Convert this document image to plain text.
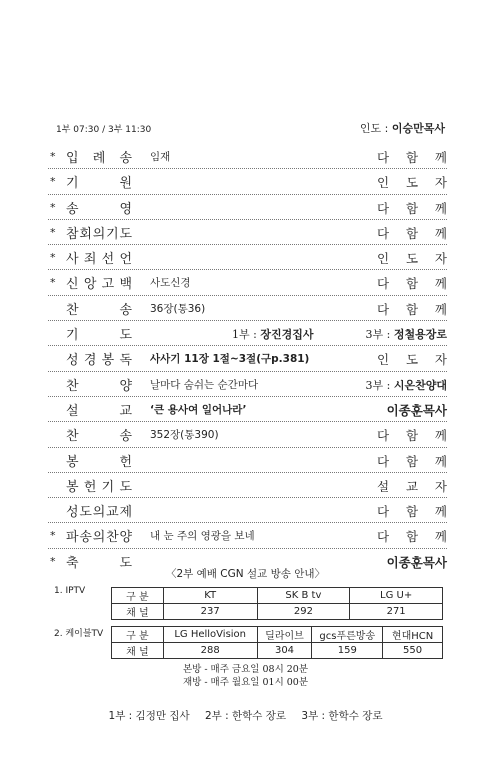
1부 07:30 / 3부 11:30	인도 : 이승만목사
* 입 례 송 임재	다 함 께
* 기	원	인 도 자
* 송	영	다 함 께
* 참 회 의 기 도	다 함 께
* 사 죄 선 언	인 도 자
* 신 앙 고 백 사도신경	다 함 께
찬	송 36장(통36)	다 함 께
기	도	1부 : 장진경집사	3부 : 정철용장로
성 경 봉 독 사사기 11장 1절~3절(구p.381)	인 도 자
찬	양 날마다 숨쉬는 순간마다	3부 : 시온찬양대
설	교 ‘큰 용사여 일어나라’	이종훈목사
찬	송 352장(통390)	다 함 께
봉	헌	다 함 께
봉 헌 기 도	설 교 자
성 도 의 교 제	다 함 께
* 파 송 의 찬 양 내 눈 주의 영광을 보네	다 함 께
* 축	도	이종훈목사
〈2부 예배 CGN 설교 방송 안내〉
1. IPTV
구 분	KT	SK B tv	LG U+
채 널	237	292	271
2. 케이블TV 구 분	LG HelloVision	딜라이브	gcs푸른방송	현대HCN
채 널	288	304	159	550
본방 - 매주 금요일 08시 20분
재방 - 매주 월요일 01시 00분
1부 : 김정만 집사 2부 : 한학수 장로 3부 : 한학수 장로
